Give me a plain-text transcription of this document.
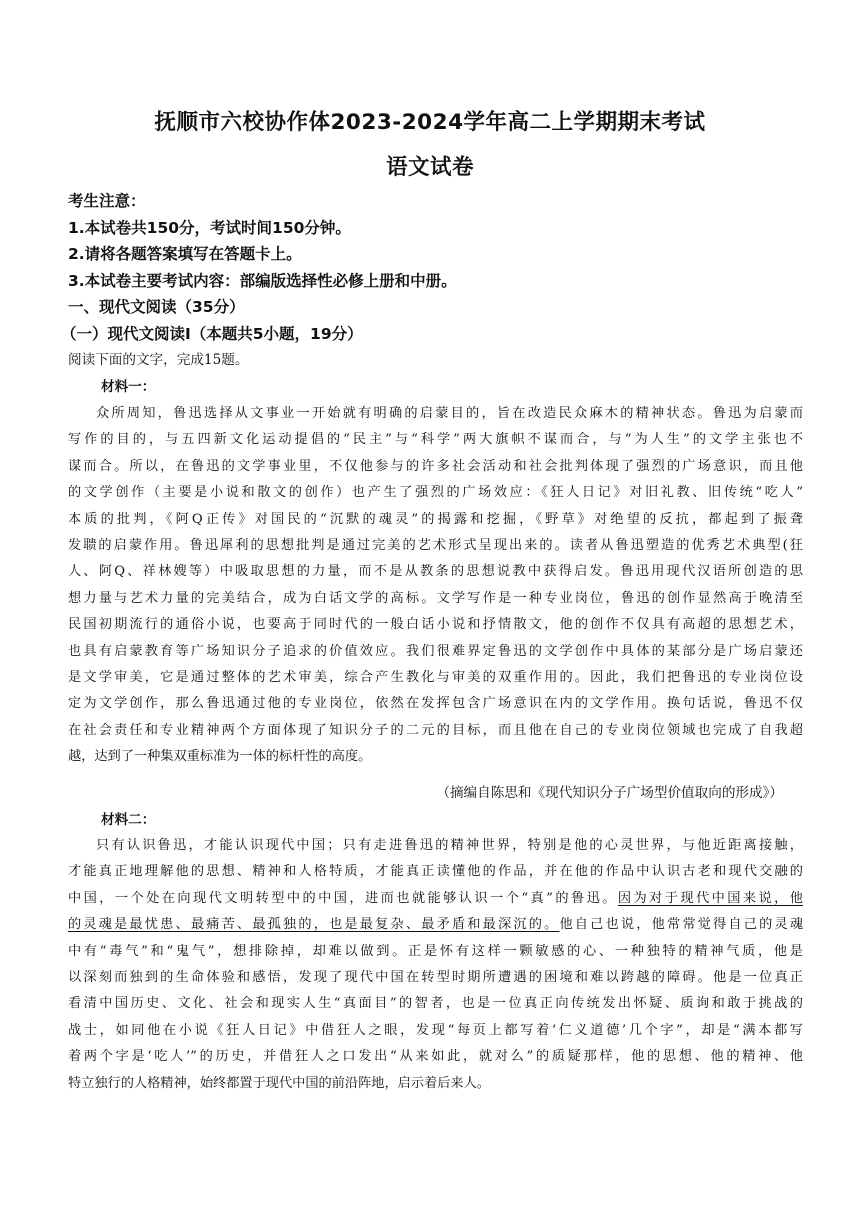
抚顺市六校协作体2023-2024学年高二上学期期末考试
语文试卷
考生注意：
1.本试卷共150分，考试时间150分钟。
2.请将各题答案填写在答题卡上。
3.本试卷主要考试内容：部编版选择性必修上册和中册。
一、现代文阅读（35分）
（一）现代文阅读Ⅰ（本题共5小题，19分）
阅读下面的文字，完成15题。
材料一：

众所周知，鲁迅选择从文事业一开始就有明确的启蒙目的，旨在改造民众麻木的精神状态。鲁迅为启蒙而

写作的目的，与五四新文化运动提倡的“民主”与“科学”两大旗帜不谋而合，与“为人生”的文学主张也不

谋而合。所以，在鲁迅的文学事业里，不仅他参与的许多社会活动和社会批判体现了强烈的广场意识，而且他

的文学创作（主要是小说和散文的创作）也产生了强烈的广场效应：《狂人日记》对旧礼教、旧传统“吃人”

本质的批判，《阿Q正传》对国民的“沉默的魂灵”的揭露和挖掘，《野草》对绝望的反抗，都起到了振聋

发聩的启蒙作用。鲁迅犀利的思想批判是通过完美的艺术形式呈现出来的。读者从鲁迅塑造的优秀艺术典型(狂

人、阿Q、祥林嫂等）中吸取思想的力量，而不是从教条的思想说教中获得启发。鲁迅用现代汉语所创造的思

想力量与艺术力量的完美结合，成为白话文学的高标。文学写作是一种专业岗位，鲁迅的创作显然高于晚清至

民国初期流行的通俗小说，也要高于同时代的一般白话小说和抒情散文，他的创作不仅具有高超的思想艺术，

也具有启蒙教育等广场知识分子追求的价值效应。我们很难界定鲁迅的文学创作中具体的某部分是广场启蒙还

是文学审美，它是通过整体的艺术审美，综合产生教化与审美的双重作用的。因此，我们把鲁迅的专业岗位设

定为文学创作，那么鲁迅通过他的专业岗位，依然在发挥包含广场意识在内的文学作用。换句话说，鲁迅不仅

在社会责任和专业精神两个方面体现了知识分子的二元的目标，而且他在自己的专业岗位领域也完成了自我超

越，达到了一种集双重标准为一体的标杆性的高度。

（摘编自陈思和《现代知识分子广场型价值取向的形成》）
材料二：

只有认识鲁迅，才能认识现代中国；只有走进鲁迅的精神世界，特别是他的心灵世界，与他近距离接触，

才能真正地理解他的思想、精神和人格特质，才能真正读懂他的作品，并在他的作品中认识古老和现代交融的

中国，一个处在向现代文明转型中的中国，进而也就能够认识一个“真”的鲁迅。因为对于现代中国来说，他

的灵魂是最忧患、最痛苦、最孤独的，也是最复杂、最矛盾和最深沉的。他自己也说，他常常觉得自己的灵魂

中有“毒气”和“鬼气”，想排除掉，却难以做到。正是怀有这样一颗敏感的心、一种独特的精神气质，他是

以深刻而独到的生命体验和感悟，发现了现代中国在转型时期所遭遇的困境和难以跨越的障碍。他是一位真正

看清中国历史、文化、社会和现实人生“真面目”的智者，也是一位真正向传统发出怀疑、质询和敢于挑战的

战士，如同他在小说《狂人日记》中借狂人之眼，发现“每页上都写着‘仁义道德’几个字”，却是“满本都写

着两个字是‘吃人’”的历史，并借狂人之口发出“从来如此，就对么”的质疑那样，他的思想、他的精神、他

特立独行的人格精神，始终都置于现代中国的前沿阵地，启示着后来人。
